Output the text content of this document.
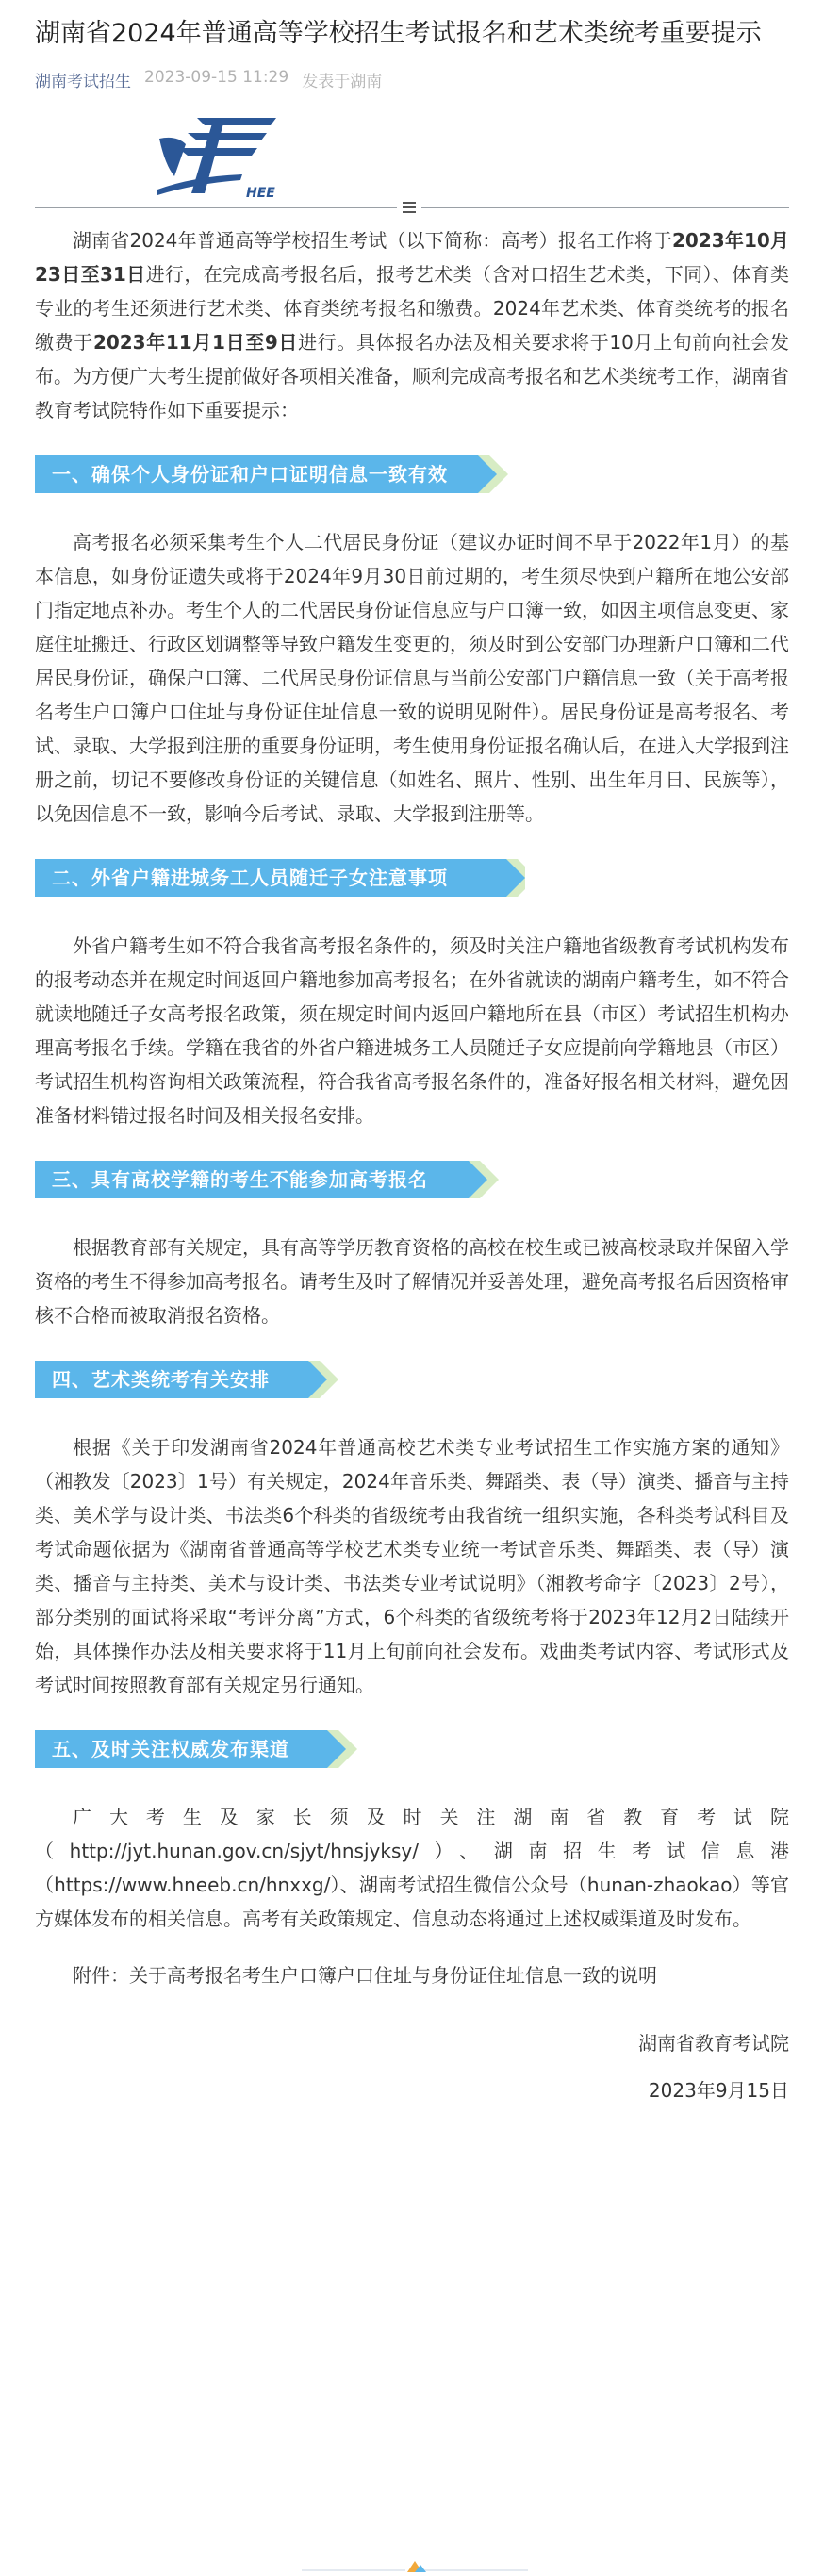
湖南省2024年普通高等学校招生考试报名和艺术类统考重要提示
湖南考试招生 2023-09-15 11:29 发表于湖南
HEE

湖南省2024年普通高等学校招生考试（以下简称：高考）报名工作将于2023年10月23日至31日进行，在完成高考报名后，报考艺术类（含对口招生艺术类，下同）、体育类专业的考生还须进行艺术类、体育类统考报名和缴费。2024年艺术类、体育类统考的报名缴费于2023年11月1日至9日进行。具体报名办法及相关要求将于10月上旬前向社会发布。为方便广大考生提前做好各项相关准备，顺利完成高考报名和艺术类统考工作，湖南省教育考试院特作如下重要提示：

一、确保个人身份证和户口证明信息一致有效

高考报名必须采集考生个人二代居民身份证（建议办证时间不早于2022年1月）的基本信息，如身份证遗失或将于2024年9月30日前过期的，考生须尽快到户籍所在地公安部门指定地点补办。考生个人的二代居民身份证信息应与户口簿一致，如因主项信息变更、家庭住址搬迁、行政区划调整等导致户籍发生变更的，须及时到公安部门办理新户口簿和二代居民身份证，确保户口簿、二代居民身份证信息与当前公安部门户籍信息一致（关于高考报名考生户口簿户口住址与身份证住址信息一致的说明见附件）。居民身份证是高考报名、考试、录取、大学报到注册的重要身份证明，考生使用身份证报名确认后，在进入大学报到注册之前，切记不要修改身份证的关键信息（如姓名、照片、性别、出生年月日、民族等），以免因信息不一致，影响今后考试、录取、大学报到注册等。

二、外省户籍进城务工人员随迁子女注意事项

外省户籍考生如不符合我省高考报名条件的，须及时关注户籍地省级教育考试机构发布的报考动态并在规定时间返回户籍地参加高考报名；在外省就读的湖南户籍考生，如不符合就读地随迁子女高考报名政策，须在规定时间内返回户籍地所在县（市区）考试招生机构办理高考报名手续。学籍在我省的外省户籍进城务工人员随迁子女应提前向学籍地县（市区）考试招生机构咨询相关政策流程，符合我省高考报名条件的，准备好报名相关材料，避免因准备材料错过报名时间及相关报名安排。

三、具有高校学籍的考生不能参加高考报名

根据教育部有关规定，具有高等学历教育资格的高校在校生或已被高校录取并保留入学资格的考生不得参加高考报名。请考生及时了解情况并妥善处理，避免高考报名后因资格审核不合格而被取消报名资格。

四、艺术类统考有关安排

根据《关于印发湖南省2024年普通高校艺术类专业考试招生工作实施方案的通知》（湘教发〔2023〕1号）有关规定，2024年音乐类、舞蹈类、表（导）演类、播音与主持类、美术学与设计类、书法类6个科类的省级统考由我省统一组织实施，各科类考试科目及考试命题依据为《湖南省普通高等学校艺术类专业统一考试音乐类、舞蹈类、表（导）演类、播音与主持类、美术与设计类、书法类专业考试说明》（湘教考命字〔2023〕2号），部分类别的面试将采取“考评分离”方式，6个科类的省级统考将于2023年12月2日陆续开始，具体操作办法及相关要求将于11月上旬前向社会发布。戏曲类考试内容、考试形式及考试时间按照教育部有关规定另行通知。

五、及时关注权威发布渠道

广大考生及家长须及时关注湖南省教育考试院（http://jyt.hunan.gov.cn/sjyt/hnsjyksy/）、湖南招生考试信息港（https://www.hneeb.cn/hnxxg/）、湖南考试招生微信公众号（hunan-zhaokao）等官方媒体发布的相关信息。高考有关政策规定、信息动态将通过上述权威渠道及时发布。

附件：关于高考报名考生户口簿户口住址与身份证住址信息一致的说明
湖南省教育考试院
2023年9月15日
